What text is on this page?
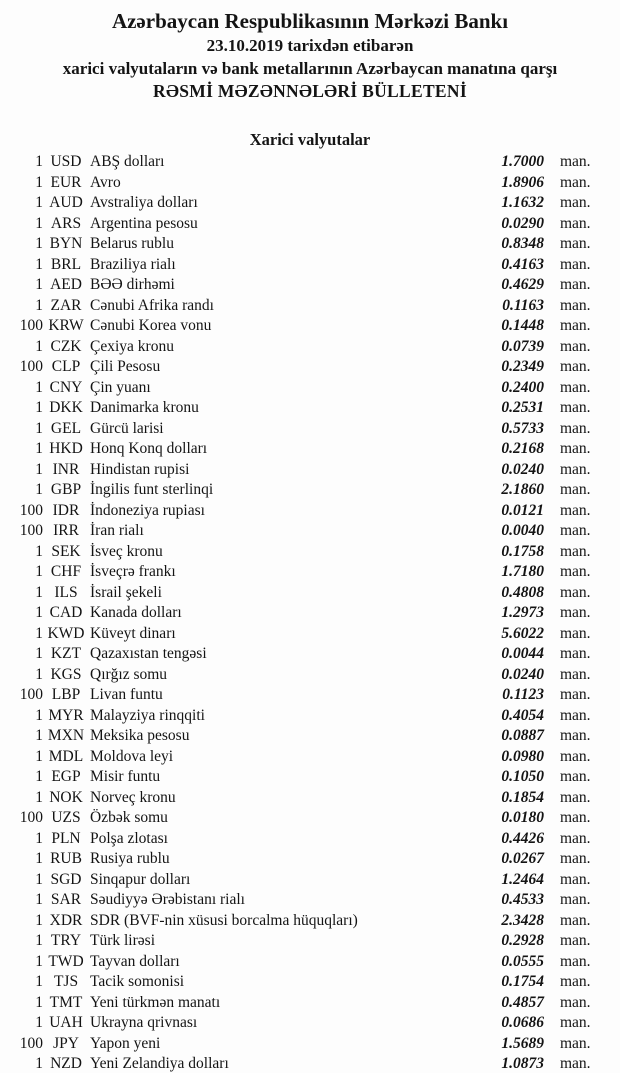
Azərbaycan Respublikasının Mərkəzi Bankı
23.10.2019 tarixdən etibarən
xarici valyutaların və bank metallarının Azərbaycan manatına qarşı
RƏSMİ MƏZƏNNƏLƏRİ BÜLLETENİ
Xarici valyutalar
1 USD ABŞ dolları	1.7000	man.
1 EUR Avro	1.8906	man.
1 AUD Avstraliya dolları	1.1632	man.
1 ARS Argentina pesosu	0.0290	man.
1 BYN Belarus rublu	0.8348	man.
1 BRL Braziliya rialı	0.4163	man.
1 AED BƏƏ dirhəmi	0.4629	man.
1 ZAR Cənubi Afrika randı	0.1163	man.
100 KRW Cənubi Korea vonu	0.1448	man.
1 CZK Çexiya kronu	0.0739	man.
100 CLP Çili Pesosu	0.2349	man.
1 CNY Çin yuanı	0.2400	man.
1 DKK Danimarka kronu	0.2531	man.
1 GEL Gürcü larisi	0.5733	man.
1 HKD Honq Konq dolları	0.2168	man.
1 INR Hindistan rupisi	0.0240	man.
1 GBP İngilis funt sterlinqi	2.1860	man.
100 IDR İndoneziya rupiası	0.0121	man.
100 IRR İran rialı	0.0040	man.
1 SEK İsveç kronu	0.1758	man.
1 CHF İsveçrə frankı	1.7180	man.
1 ILS İsrail şekeli	0.4808	man.
1 CAD Kanada dolları	1.2973	man.
1 KWD Küveyt dinarı	5.6022	man.
1 KZT Qazaxıstan tengəsi	0.0044	man.
1 KGS Qırğız somu	0.0240	man.
100 LBP Livan funtu	0.1123	man.
1 MYR Malayziya rinqqiti	0.4054	man.
1 MXN Meksika pesosu	0.0887	man.
1 MDL Moldova leyi	0.0980	man.
1 EGP Misir funtu	0.1050	man.
1 NOK Norveç kronu	0.1854	man.
100 UZS Özbək somu	0.0180	man.
1 PLN Polşa zlotası	0.4426	man.
1 RUB Rusiya rublu	0.0267	man.
1 SGD Sinqapur dolları	1.2464	man.
1 SAR Səudiyyə Ərəbistanı rialı	0.4533	man.
1 XDR SDR (BVF-nin xüsusi borcalma hüquqları)	2.3428	man.
1 TRY Türk lirəsi	0.2928	man.
1 TWD Tayvan dolları	0.0555	man.
1 TJS Tacik somonisi	0.1754	man.
1 TMT Yeni türkmən manatı	0.4857	man.
1 UAH Ukrayna qrivnası	0.0686	man.
100 JPY Yapon yeni	1.5689	man.
1 NZD Yeni Zelandiya dolları	1.0873	man.
